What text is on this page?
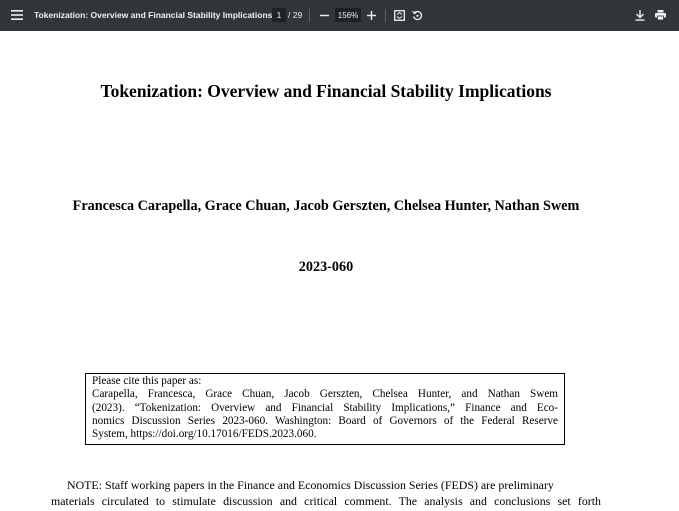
Tokenization: Overview and Financial Stability Implications
1 / 29
156%
Tokenization: Overview and Financial Stability Implications
Francesca Carapella, Grace Chuan, Jacob Gerszten, Chelsea Hunter, Nathan Swem
2023-060
Please cite this paper as:
Carapella, Francesca, Grace Chuan, Jacob Gerszten, Chelsea Hunter, and Nathan Swem
(2023). “Tokenization: Overview and Financial Stability Implications,” Finance and Eco-
nomics Discussion Series 2023-060. Washington: Board of Governors of the Federal Reserve
System, https://doi.org/10.17016/FEDS.2023.060.
NOTE: Staff working papers in the Finance and Economics Discussion Series (FEDS) are preliminary
materials circulated to stimulate discussion and critical comment. The analysis and conclusions set forth
